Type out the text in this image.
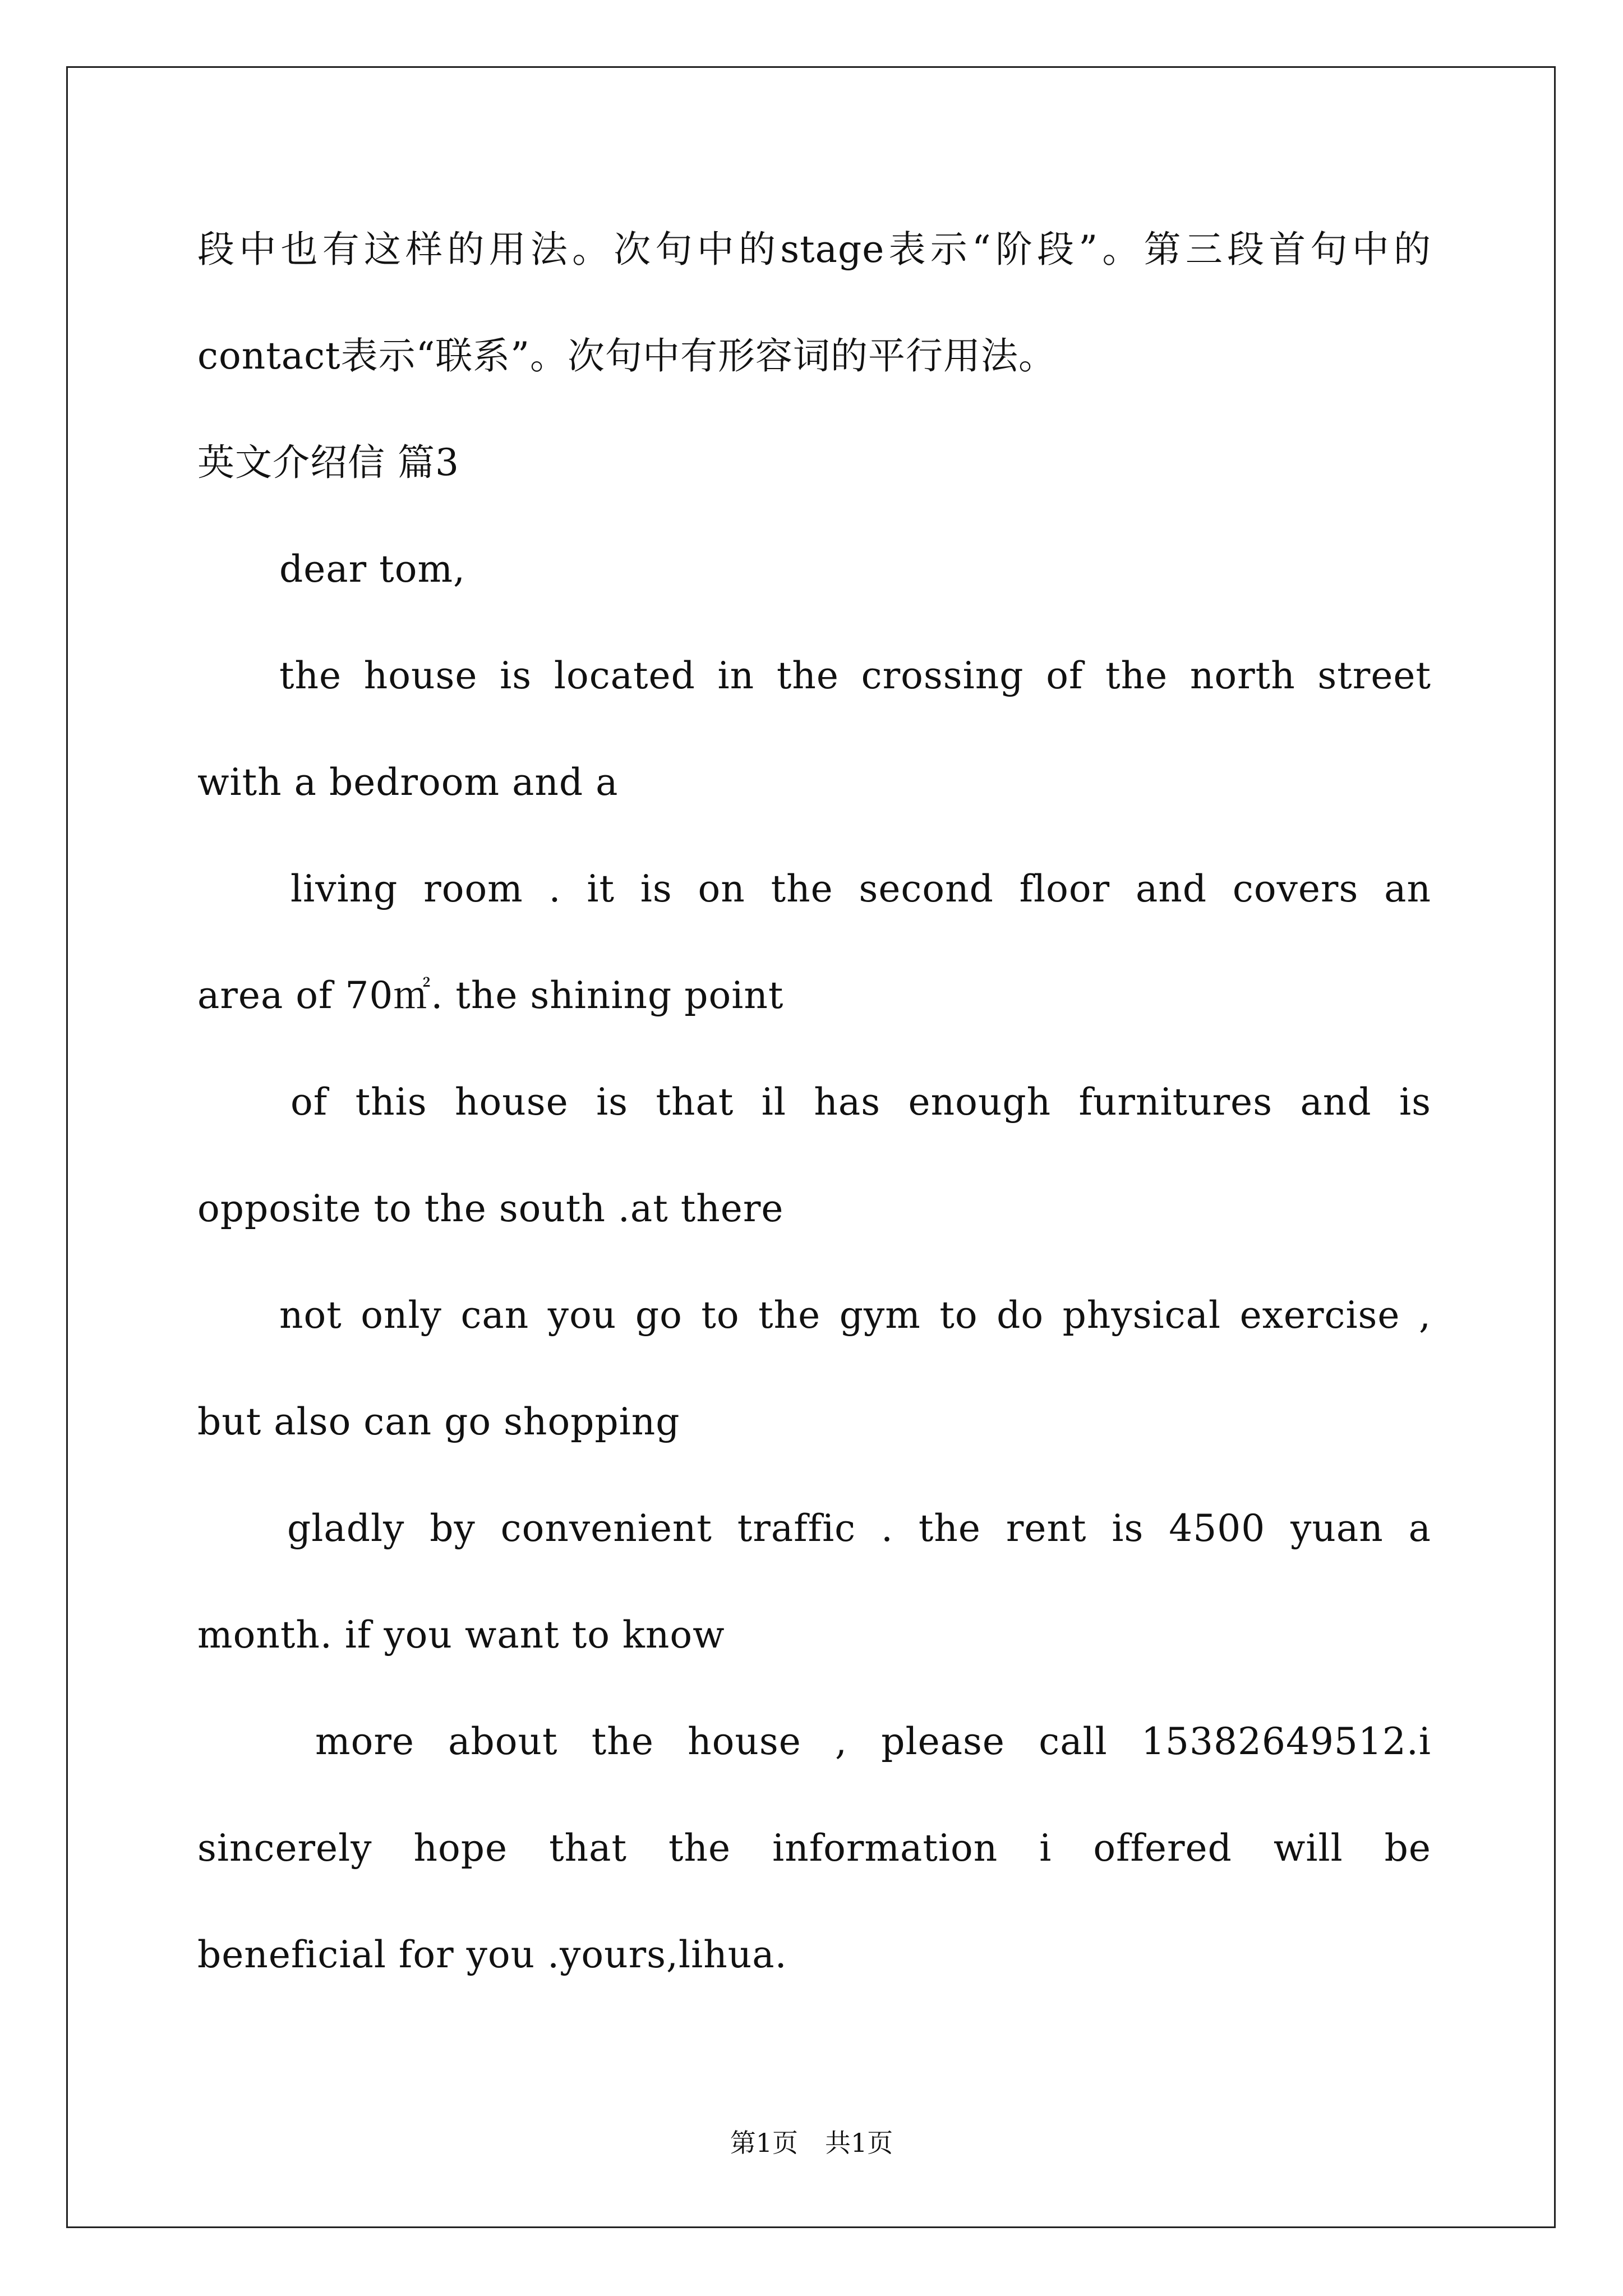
段中也有这样的用法。次句中的stage表示“阶段”。第三段首句中的
contact表示“联系”。次句中有形容词的平行用法。
英文介绍信 篇3
dear tom,
the house is located in the crossing of the north street
with a bedroom and a
living room . it is on the second floor and covers an
area of 70㎡. the shining point
of this house is that il has enough furnitures and is
opposite to the south .at there
not only can you go to the gym to do physical exercise ,
but also can go shopping
gladly by convenient traffic . the rent is 4500 yuan a
month. if you want to know
more about the house , please call 15382649512.i
sincerely hope that the information i offered will be
beneficial for you .yours,lihua.
第1页 共1页
